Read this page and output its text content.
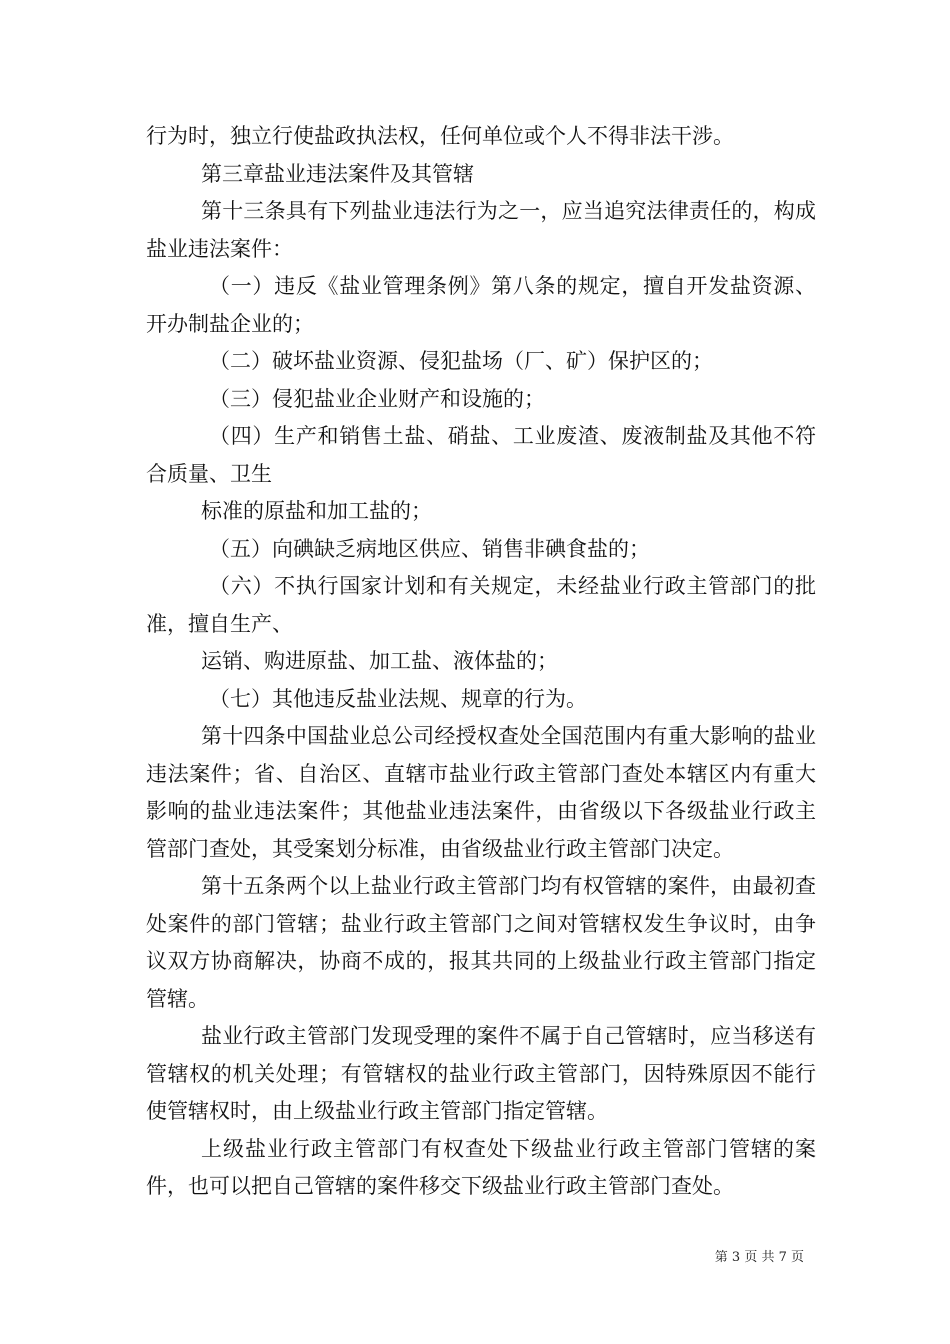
行为时，独立行使盐政执法权，任何单位或个人不得非法干涉。

第三章盐业违法案件及其管辖

第十三条具有下列盐业违法行为之一，应当追究法律责任的，构成盐业违法案件：

（一）违反《盐业管理条例》第八条的规定，擅自开发盐资源、开办制盐企业的；

（二）破坏盐业资源、侵犯盐场（厂、矿）保护区的；

（三）侵犯盐业企业财产和设施的；

（四）生产和销售土盐、硝盐、工业废渣、废液制盐及其他不符合质量、卫生

标准的原盐和加工盐的；

（五）向碘缺乏病地区供应、销售非碘食盐的；

（六）不执行国家计划和有关规定，未经盐业行政主管部门的批准，擅自生产、

运销、购进原盐、加工盐、液体盐的；

（七）其他违反盐业法规、规章的行为。

第十四条中国盐业总公司经授权查处全国范围内有重大影响的盐业违法案件；省、自治区、直辖市盐业行政主管部门查处本辖区内有重大影响的盐业违法案件；其他盐业违法案件，由省级以下各级盐业行政主管部门查处，其受案划分标准，由省级盐业行政主管部门决定。

第十五条两个以上盐业行政主管部门均有权管辖的案件，由最初查处案件的部门管辖；盐业行政主管部门之间对管辖权发生争议时，由争议双方协商解决，协商不成的，报其共同的上级盐业行政主管部门指定管辖。

盐业行政主管部门发现受理的案件不属于自己管辖时，应当移送有管辖权的机关处理；有管辖权的盐业行政主管部门，因特殊原因不能行使管辖权时，由上级盐业行政主管部门指定管辖。

上级盐业行政主管部门有权查处下级盐业行政主管部门管辖的案件，也可以把自己管辖的案件移交下级盐业行政主管部门查处。

第 3 页 共 7 页
